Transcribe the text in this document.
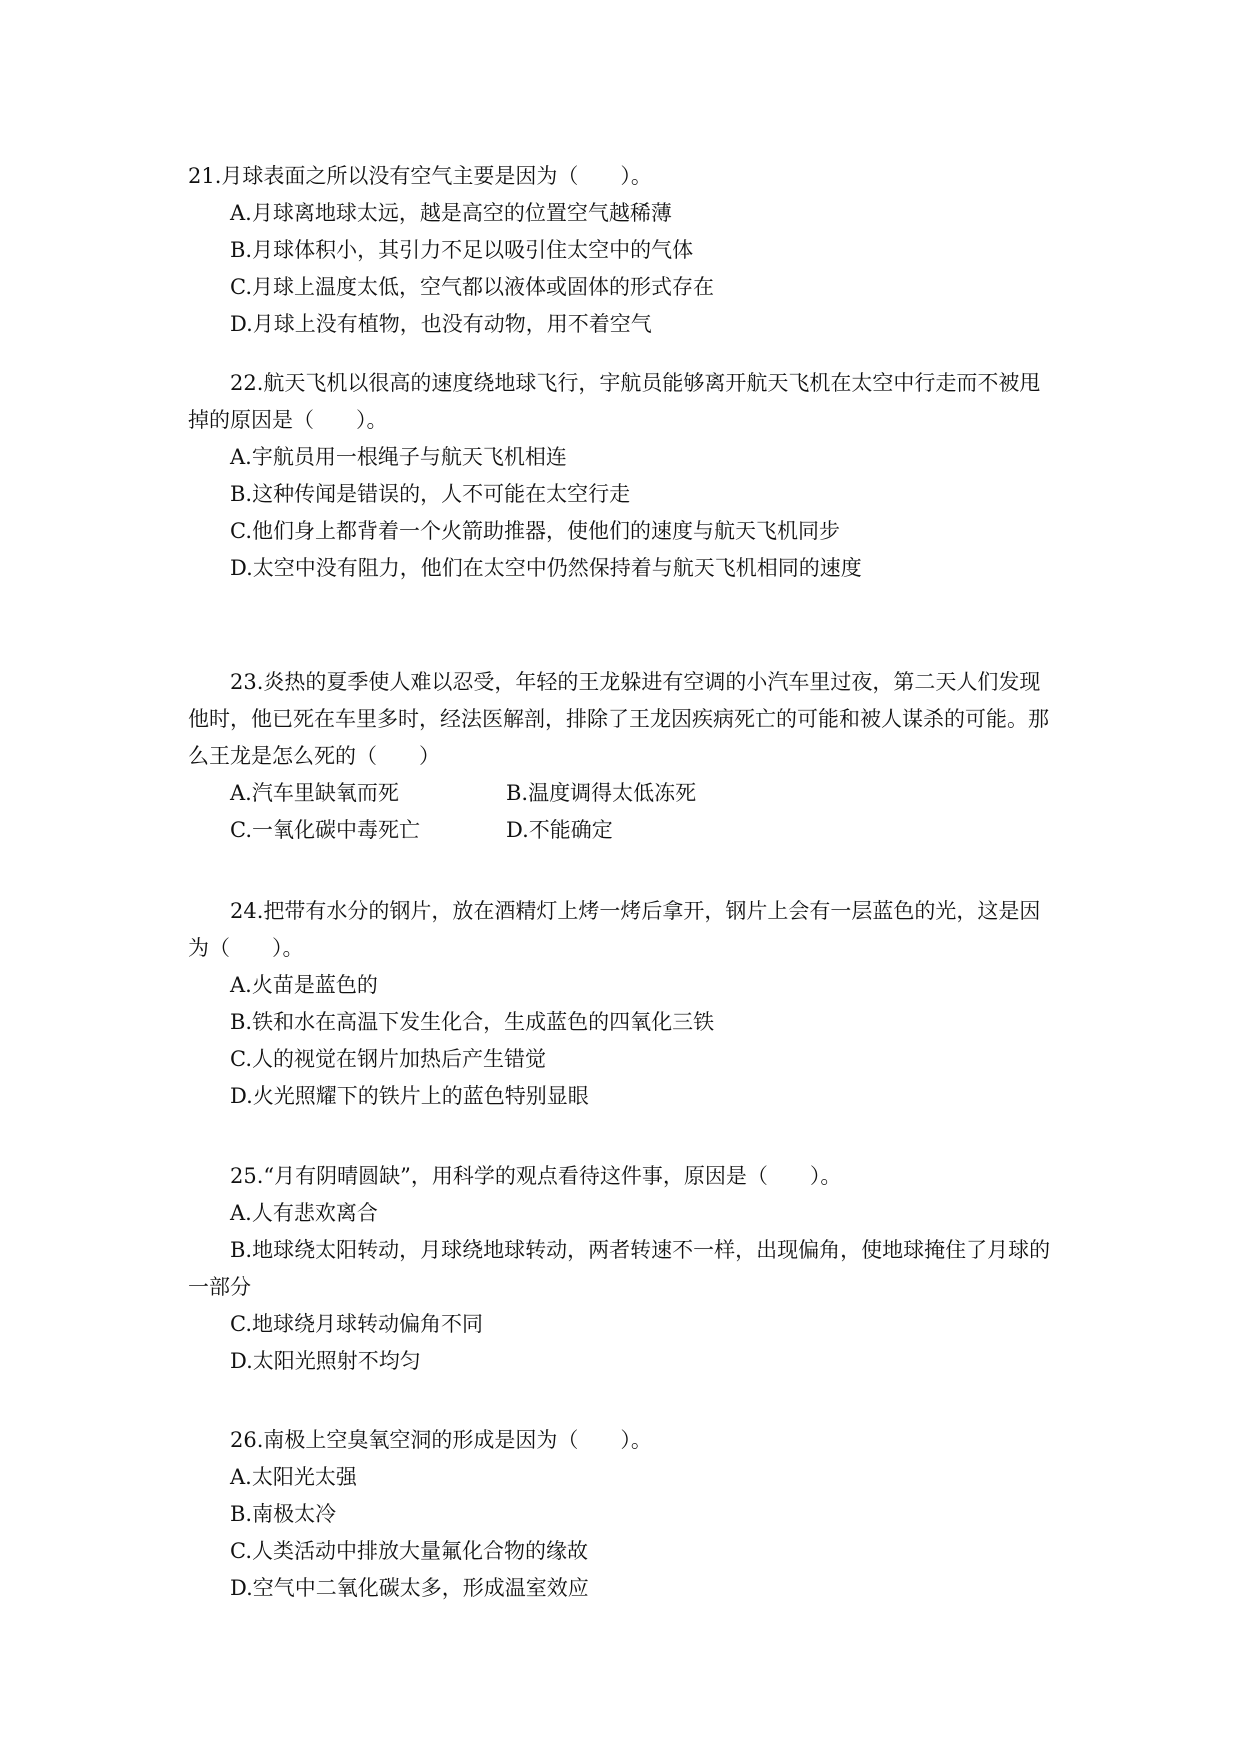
21.月球表面之所以没有空气主要是因为（　　）。

A.月球离地球太远，越是高空的位置空气越稀薄

B.月球体积小，其引力不足以吸引住太空中的气体

C.月球上温度太低，空气都以液体或固体的形式存在

D.月球上没有植物，也没有动物，用不着空气

22.航天飞机以很高的速度绕地球飞行，宇航员能够离开航天飞机在太空中行走而不被甩掉的原因是（　　）。

A.宇航员用一根绳子与航天飞机相连

B.这种传闻是错误的，人不可能在太空行走

C.他们身上都背着一个火箭助推器，使他们的速度与航天飞机同步

D.太空中没有阻力，他们在太空中仍然保持着与航天飞机相同的速度

23.炎热的夏季使人难以忍受，年轻的王龙躲进有空调的小汽车里过夜，第二天人们发现他时，他已死在车里多时，经法医解剖，排除了王龙因疾病死亡的可能和被人谋杀的可能。那么王龙是怎么死的（　　）

A.汽车里缺氧而死	B.温度调得太低冻死
C.一氧化碳中毒死亡	D.不能确定

24.把带有水分的钢片，放在酒精灯上烤一烤后拿开，钢片上会有一层蓝色的光，这是因为（　　）。

A.火苗是蓝色的

B.铁和水在高温下发生化合，生成蓝色的四氧化三铁

C.人的视觉在钢片加热后产生错觉

D.火光照耀下的铁片上的蓝色特别显眼

25.“月有阴晴圆缺”，用科学的观点看待这件事，原因是（　　）。

A.人有悲欢离合

B.地球绕太阳转动，月球绕地球转动，两者转速不一样，出现偏角，使地球掩住了月球的一部分

C.地球绕月球转动偏角不同

D.太阳光照射不均匀

26.南极上空臭氧空洞的形成是因为（　　）。

A.太阳光太强

B.南极太冷

C.人类活动中排放大量氟化合物的缘故

D.空气中二氧化碳太多，形成温室效应
